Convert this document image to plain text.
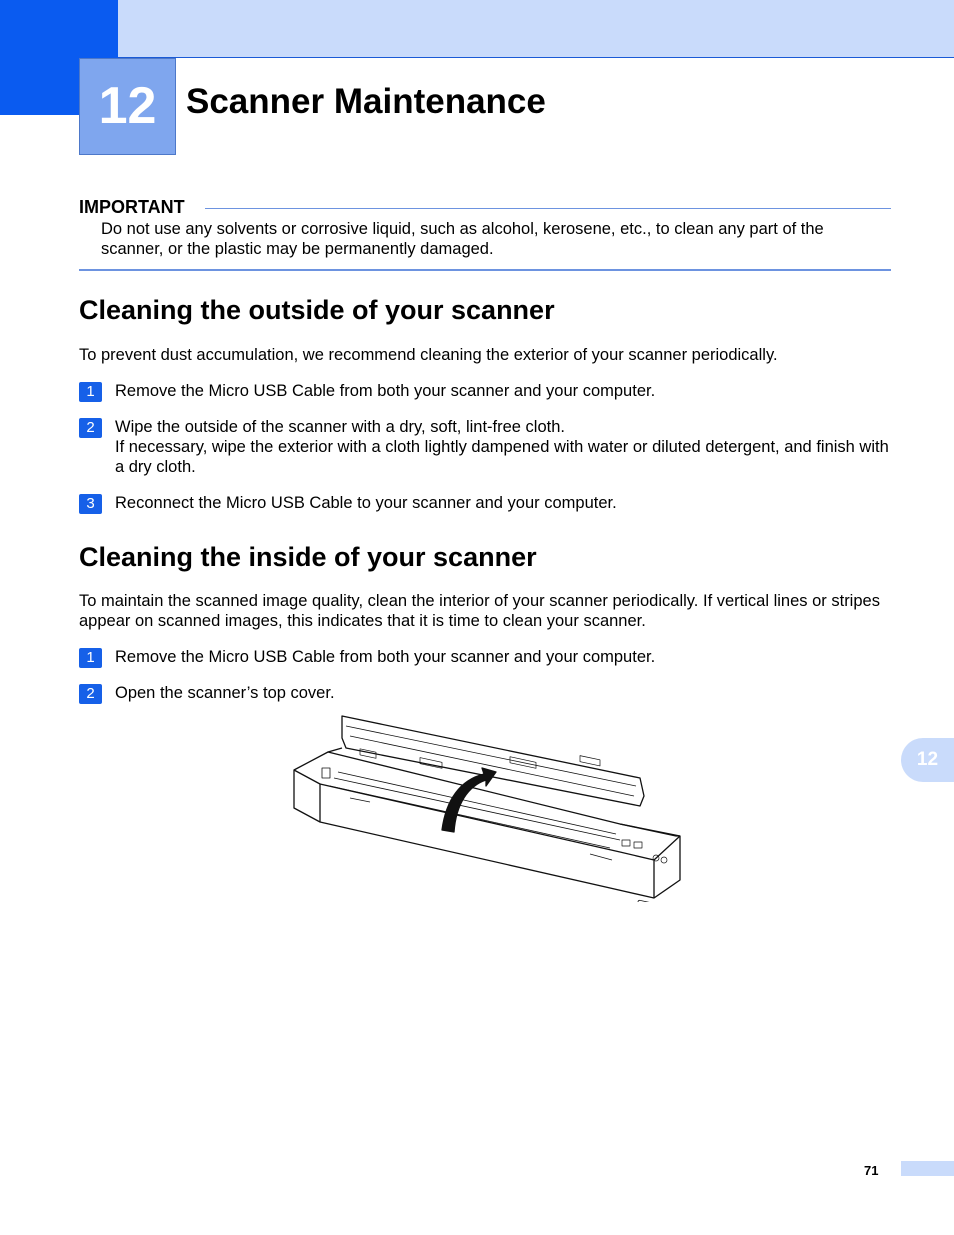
12 Scanner Maintenance
IMPORTANT
Do not use any solvents or corrosive liquid, such as alcohol, kerosene, etc., to clean any part of the scanner, or the plastic may be permanently damaged.
Cleaning the outside of your scanner
To prevent dust accumulation, we recommend cleaning the exterior of your scanner periodically.
1	Remove the Micro USB Cable from both your scanner and your computer.
2	Wipe the outside of the scanner with a dry, soft, lint-free cloth.
If necessary, wipe the exterior with a cloth lightly dampened with water or diluted detergent, and finish with a dry cloth.
3	Reconnect the Micro USB Cable to your scanner and your computer.
Cleaning the inside of your scanner
To maintain the scanned image quality, clean the interior of your scanner periodically. If vertical lines or stripes appear on scanned images, this indicates that it is time to clean your scanner.
1	Remove the Micro USB Cable from both your scanner and your computer.
2	Open the scanner’s top cover.
12
71
